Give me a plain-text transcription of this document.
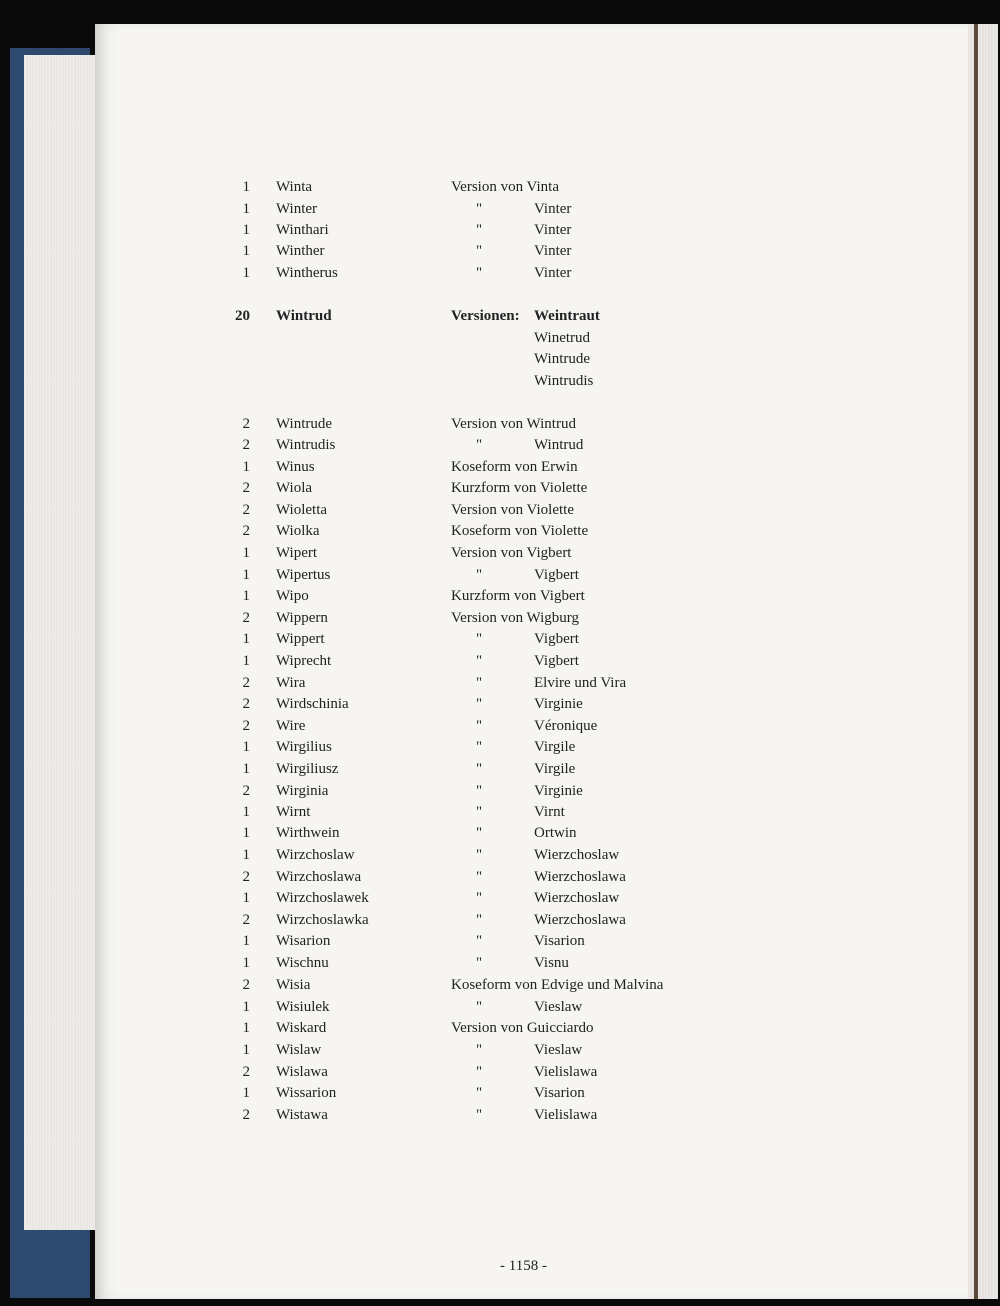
1 Winta	Version von Vinta
1 Winter	"	Vinter
1 Winthari	"	Vinter
1 Winther	"	Vinter
1 Wintherus	"	Vinter
20 Wintrud	Versionen: Weintraut
Winetrud
Wintrude
Wintrudis
2 Wintrude	Version von Wintrud
2 Wintrudis	"	Wintrud
1 Winus	Koseform von Erwin
2 Wiola	Kurzform von Violette
2 Wioletta	Version von Violette
2 Wiolka	Koseform von Violette
1 Wipert	Version von Vigbert
1 Wipertus	"	Vigbert
1 Wipo	Kurzform von Vigbert
2 Wippern	Version von Wigburg
1 Wippert	"	Vigbert
1 Wiprecht	"	Vigbert
2 Wira	"	Elvire und Vira
2 Wirdschinia	"	Virginie
2 Wire	"	Véronique
1 Wirgilius	"	Virgile
1 Wirgiliusz	"	Virgile
2 Wirginia	"	Virginie
1 Wirnt	"	Virnt
1 Wirthwein	"	Ortwin
1 Wirzchoslaw	"	Wierzchoslaw
2 Wirzchoslawa	"	Wierzchoslawa
1 Wirzchoslawek	"	Wierzchoslaw
2 Wirzchoslawka	"	Wierzchoslawa
1 Wisarion	"	Visarion
1 Wischnu	"	Visnu
2 Wisia	Koseform von Edvige und Malvina
1 Wisiulek	"	Vieslaw
1 Wiskard	Version von Guicciardo
1 Wislaw	"	Vieslaw
2 Wislawa	"	Vielislawa
1 Wissarion	"	Visarion
2 Wistawa	"	Vielislawa
- 1158 -
